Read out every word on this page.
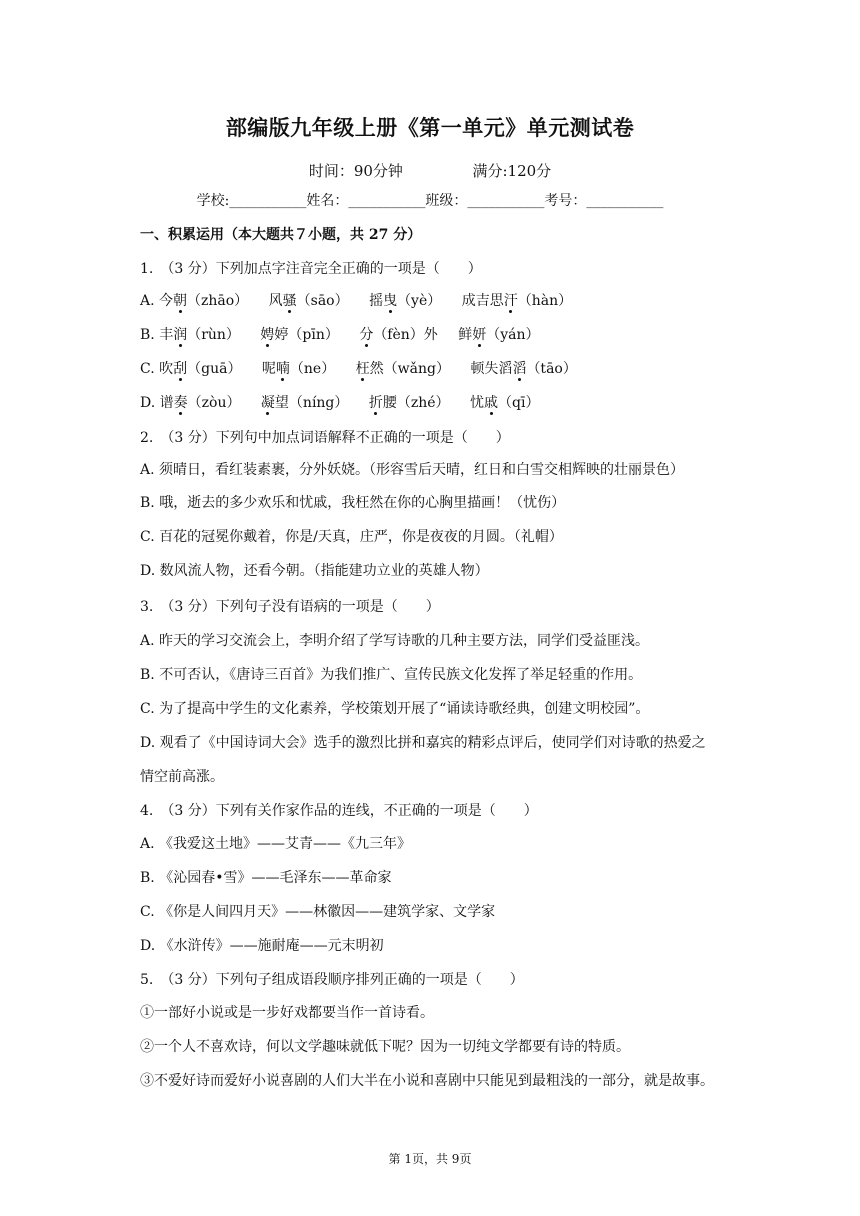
部编版九年级上册《第一单元》单元测试卷
时间：90分钟	满分:120分
学校:___________姓名：___________班级：___________考号：___________
一、积累运用（本大题共７小题，共 27 分）
1.　（3 分）下列加点字注音完全正确的一项是（　　）
A. 今朝（zhāo） 风骚（sāo） 摇曳（yè） 成吉思汗（hàn）
B. 丰润（rùn） 娉婷（pīn） 分（fèn）外 鲜妍（yán）
C. 吹刮（guā） 呢喃（ne） 枉然（wǎng） 顿失滔滔（tāo）
D. 谱奏（zòu） 凝望（níng） 折腰（zhé） 忧戚（qī）
2.　（3 分）下列句中加点词语解释不正确的一项是（　　）
A. 须晴日，看红装素裹，分外妖娆。（形容雪后天晴，红日和白雪交相辉映的壮丽景色）
B. 哦，逝去的多少欢乐和忧戚，我枉然在你的心胸里描画！（忧伤）
C. 百花的冠冕你戴着，你是/天真，庄严，你是夜夜的月圆。（礼帽）
D. 数风流人物，还看今朝。（指能建功立业的英雄人物）
3.　（3 分）下列句子没有语病的一项是（　　）
A. 昨天的学习交流会上，李明介绍了学写诗歌的几种主要方法，同学们受益匪浅。
B. 不可否认，《唐诗三百首》为我们推广、宣传民族文化发挥了举足轻重的作用。
C. 为了提高中学生的文化素养，学校策划开展了“诵读诗歌经典，创建文明校园”。
D. 观看了《中国诗词大会》选手的激烈比拼和嘉宾的精彩点评后，使同学们对诗歌的热爱之
情空前高涨。
4.　（3 分）下列有关作家作品的连线，不正确的一项是（　　）
A. 《我爱这土地》——艾青——《九三年》
B. 《沁园春•雪》——毛泽东——革命家
C. 《你是人间四月天》——林徽因——建筑学家、文学家
D. 《水浒传》——施耐庵——元末明初
5.　（3 分）下列句子组成语段顺序排列正确的一项是（　　）
①一部好小说或是一步好戏都要当作一首诗看。
②一个人不喜欢诗，何以文学趣味就低下呢？因为一切纯文学都要有诗的特质。
③不爱好诗而爱好小说喜剧的人们大半在小说和喜剧中只能见到最粗浅的一部分，就是故事。
第 1页，共 9页
